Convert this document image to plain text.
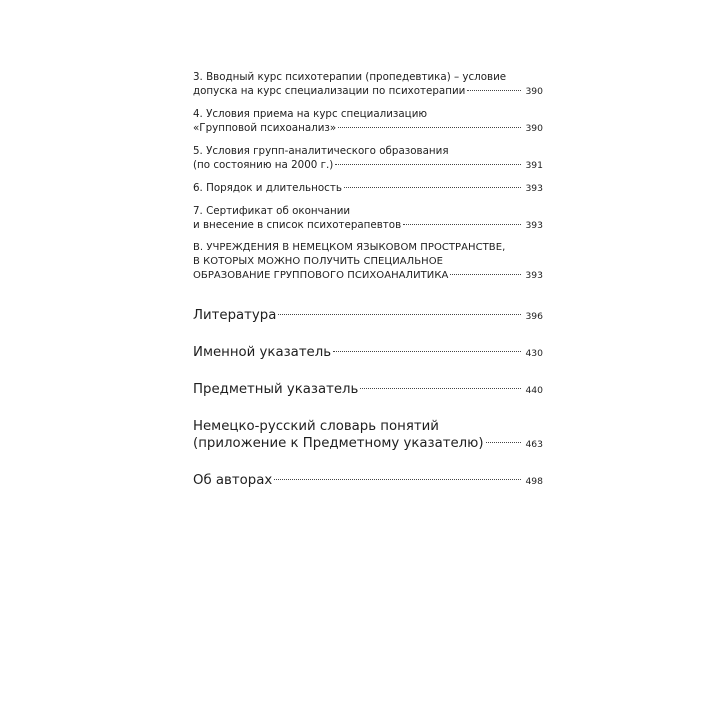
3. Вводный курс психотерапии (пропедевтика) – условие
допуска на курс специализации по психотерапии	390
4. Условия приема на курс специализацию
«Групповой психоанализ»	390
5. Условия групп-аналитического образования
(по состоянию на 2000 г.)	391
6. Порядок и длительность	393
7. Сертификат об окончании
и внесение в список психотерапевтов	393
В. УЧРЕЖДЕНИЯ В НЕМЕЦКОМ ЯЗЫКОВОМ ПРОСТРАНСТВЕ,
В КОТОРЫХ МОЖНО ПОЛУЧИТЬ СПЕЦИАЛЬНОЕ
ОБРАЗОВАНИЕ ГРУППОВОГО ПСИХОАНАЛИТИКА	393
Литература	396
Именной указатель	430
Предметный указатель	440
Немецко-русский словарь понятий
(приложение к Предметному указателю)	463
Об авторах	498
